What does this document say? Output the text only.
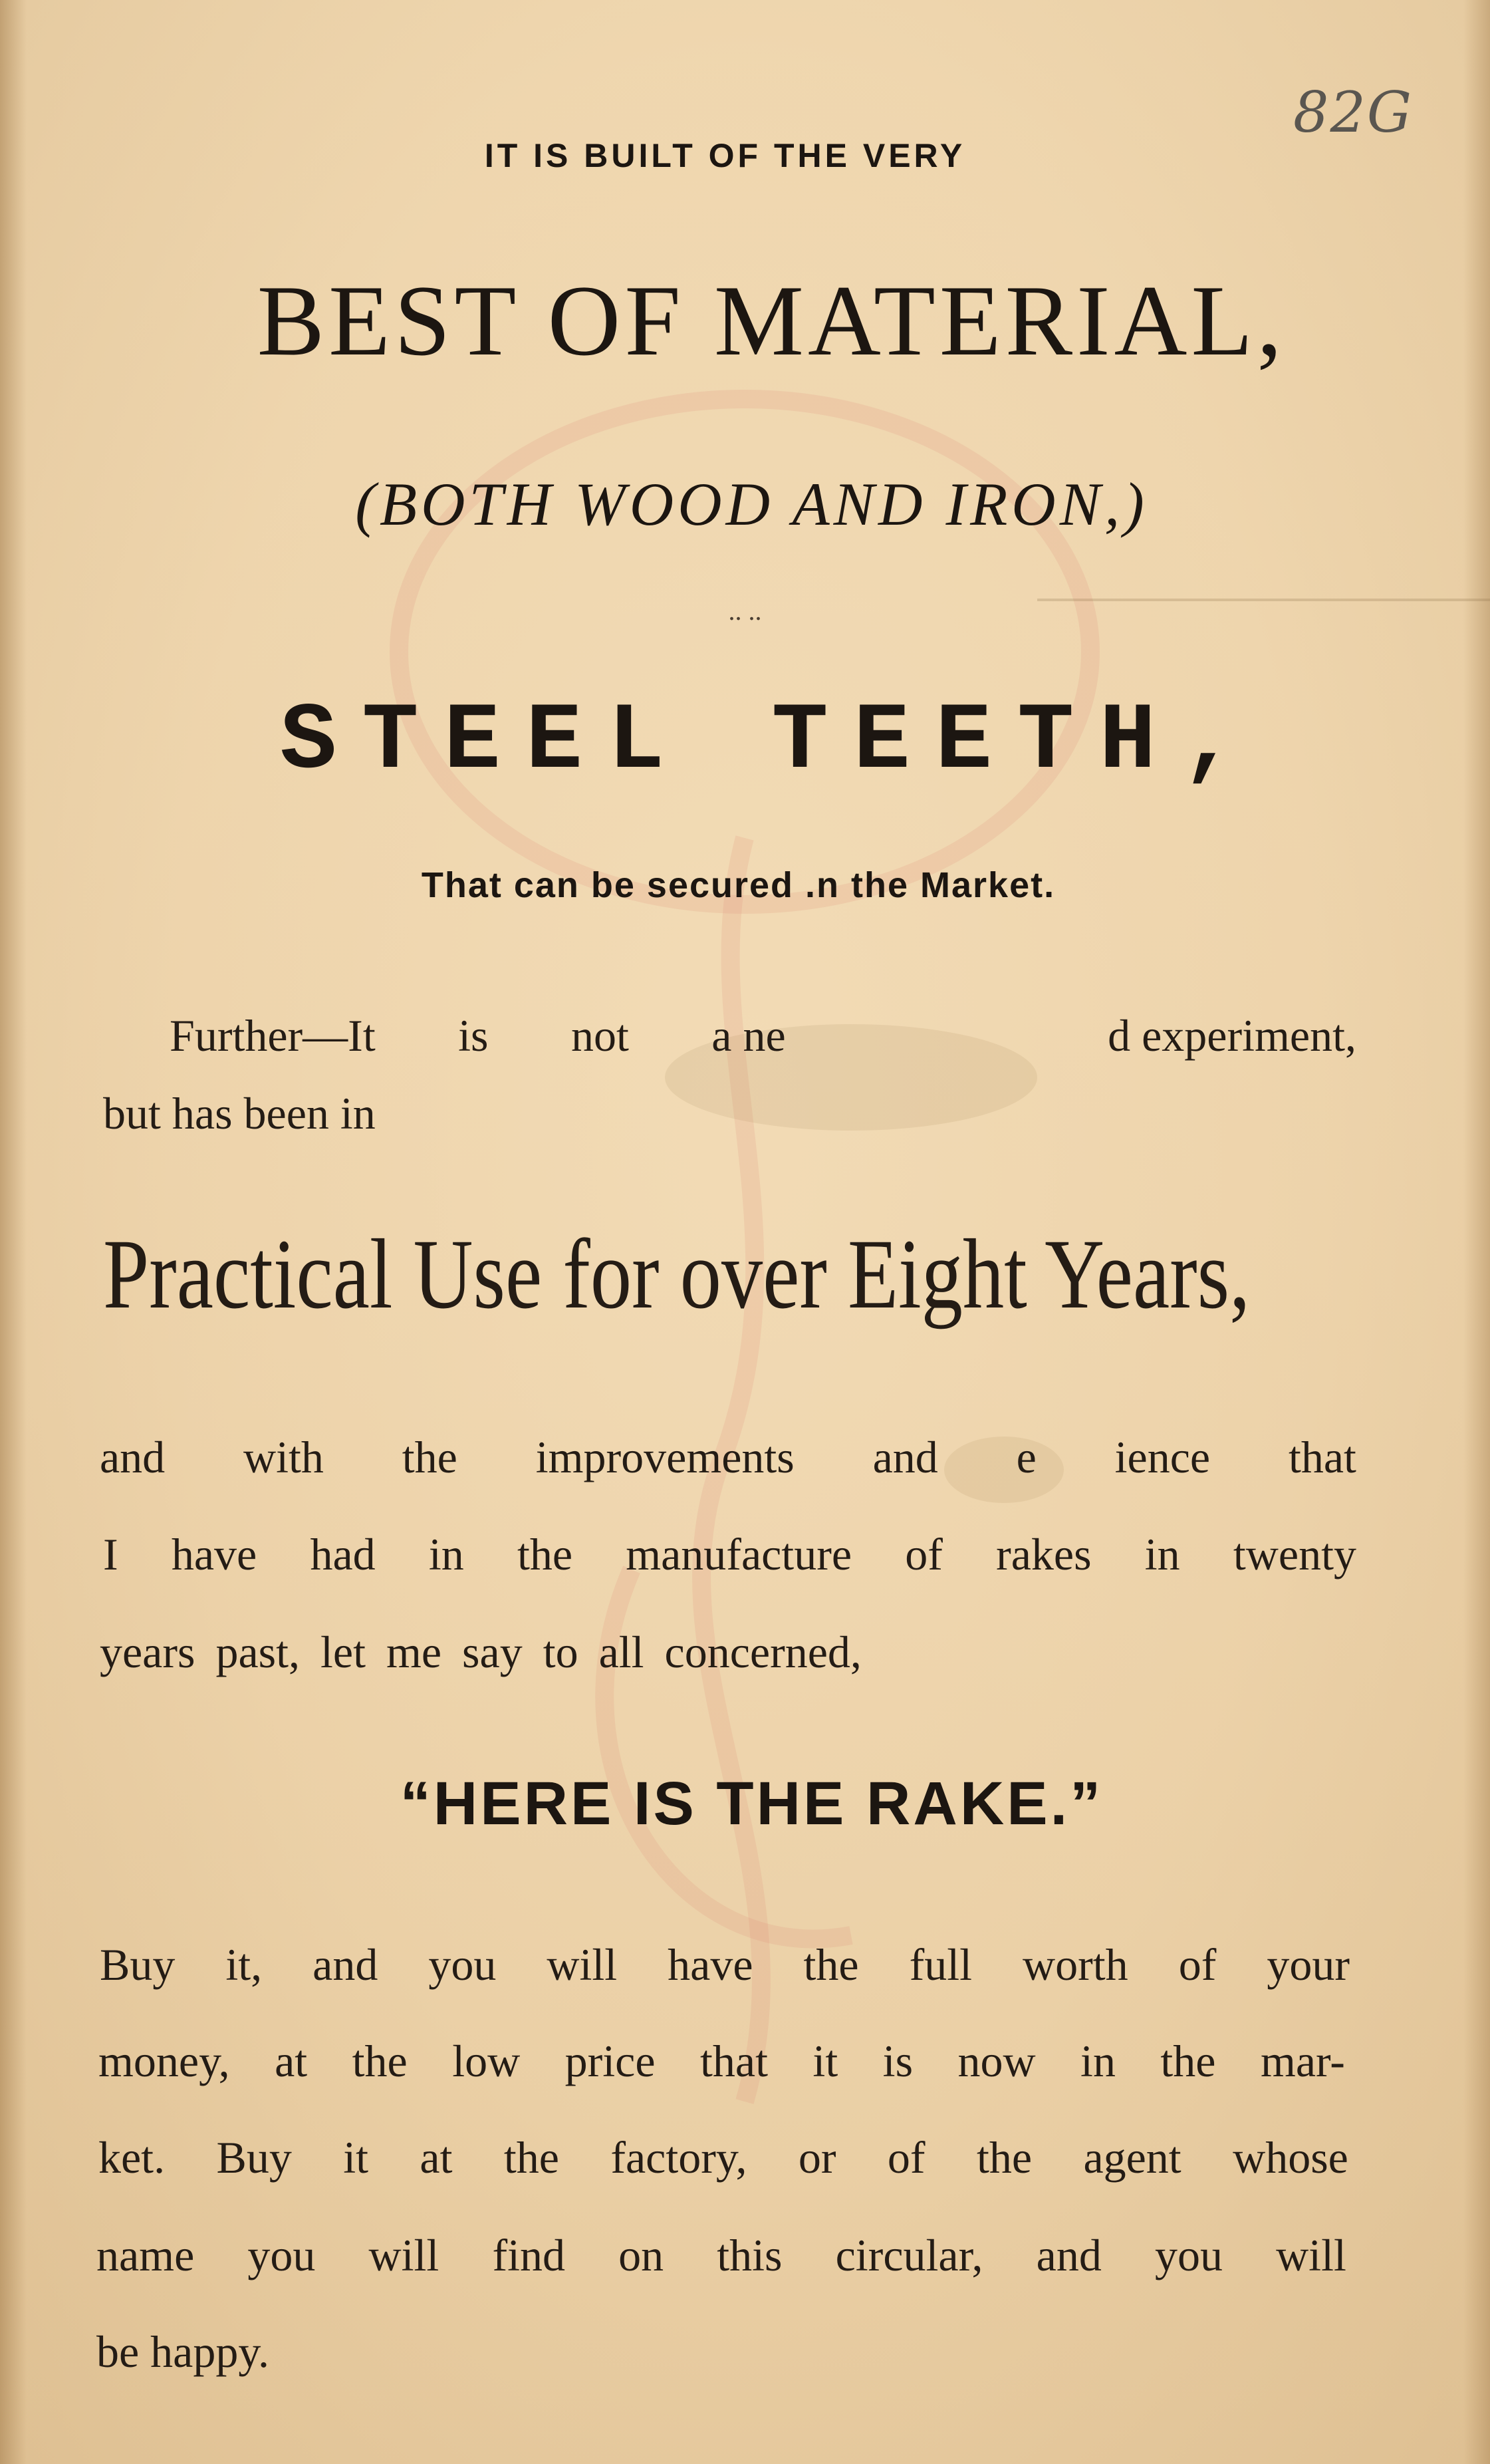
82G
IT IS BUILT OF THE VERY
BEST OF MATERIAL,
(BOTH WOOD AND IRON,)
.. ..
STEEL TEETH,
That can be secured .n the Market.
Further—It is not a ne	d experiment,
but has been in
Practical Use for over Eight Years,
and with the improvements and e ience that
I have had in the manufacture of rakes in twenty
years past, let me say to all concerned,
“HERE IS THE RAKE.”
Buy it, and you will have the full worth of your
money, at the low price that it is now in the mar-
ket. Buy it at the factory, or of the agent whose
name you will find on this circular, and you will
be happy.
